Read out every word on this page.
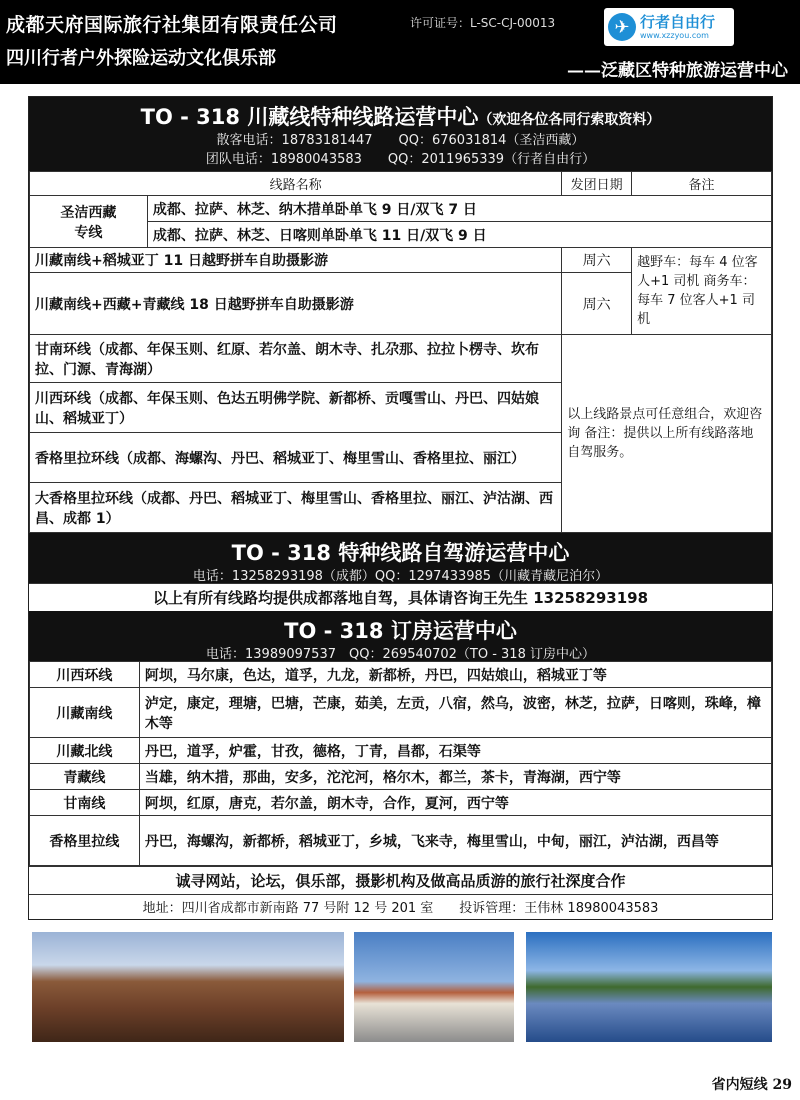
成都天府国际旅行社集团有限责任公司	许可证号：L-SC-CJ-00013
四川行者户外探险运动文化俱乐部
——泛藏区特种旅游运营中心
✈ 行者自由行
www.xzzyou.com
TO - 318 川藏线特种线路运营中心（欢迎各位各同行索取资料）
散客电话：18783181447　　QQ：676031814（圣洁西藏）
团队电话：18980043583　　QQ：2011965339（行者自由行）
线路名称		发团日期	备注
圣洁西藏
专线	成都、拉萨、林芝、纳木措单卧单飞 9 日/双飞 7 日		
	成都、拉萨、林芝、日喀则单卧单飞 11 日/双飞 9 日		
川藏南线+稻城亚丁 11 日越野拼车自助摄影游		周六	越野车：每车 4 位客人+1 司机 商务车：每车 7 位客人+1 司机
川藏南线+西藏+青藏线 18 日越野拼车自助摄影游		周六	
甘南环线（成都、年保玉则、红原、若尔盖、朗木寺、扎尕那、拉拉卜楞寺、坎布拉、门源、青海湖）		以上线路景点可任意组合，欢迎咨询 备注：提供以上所有线路落地自驾服务。	
川西环线（成都、年保玉则、色达五明佛学院、新都桥、贡嘎雪山、丹巴、四姑娘山、稻城亚丁）			
香格里拉环线（成都、海螺沟、丹巴、稻城亚丁、梅里雪山、香格里拉、丽江）			
大香格里拉环线（成都、丹巴、稻城亚丁、梅里雪山、香格里拉、丽江、泸沽湖、西昌、成都 1）			
TO - 318 特种线路自驾游运营中心
电话：13258293198（成都）QQ：1297433985（川藏青藏尼泊尔）
以上有所有线路均提供成都落地自驾，具体请咨询王先生 13258293198
TO - 318 订房运营中心
电话：13989097537　QQ：269540702（TO - 318 订房中心）
川西环线	阿坝，马尔康，色达，道孚，九龙，新都桥，丹巴，四姑娘山，稻城亚丁等
川藏南线	泸定，康定，理塘，巴塘，芒康，茹美，左贡，八宿，然乌，波密，林芝，拉萨，日喀则，珠峰，樟木等
川藏北线	丹巴，道孚，炉霍，甘孜，德格，丁青，昌都，石渠等
青藏线	当雄，纳木措，那曲，安多，沱沱河，格尔木，都兰，茶卡，青海湖，西宁等
甘南线	阿坝，红原，唐克，若尔盖，朗木寺，合作，夏河，西宁等
香格里拉线	丹巴，海螺沟，新都桥，稻城亚丁，乡城，飞来寺，梅里雪山，中甸，丽江，泸沽湖，西昌等
诚寻网站，论坛，俱乐部，摄影机构及做高品质游的旅行社深度合作
地址：四川省成都市新南路 77 号附 12 号 201 室　　投诉管理：王伟林 18980043583
省内短线 29
